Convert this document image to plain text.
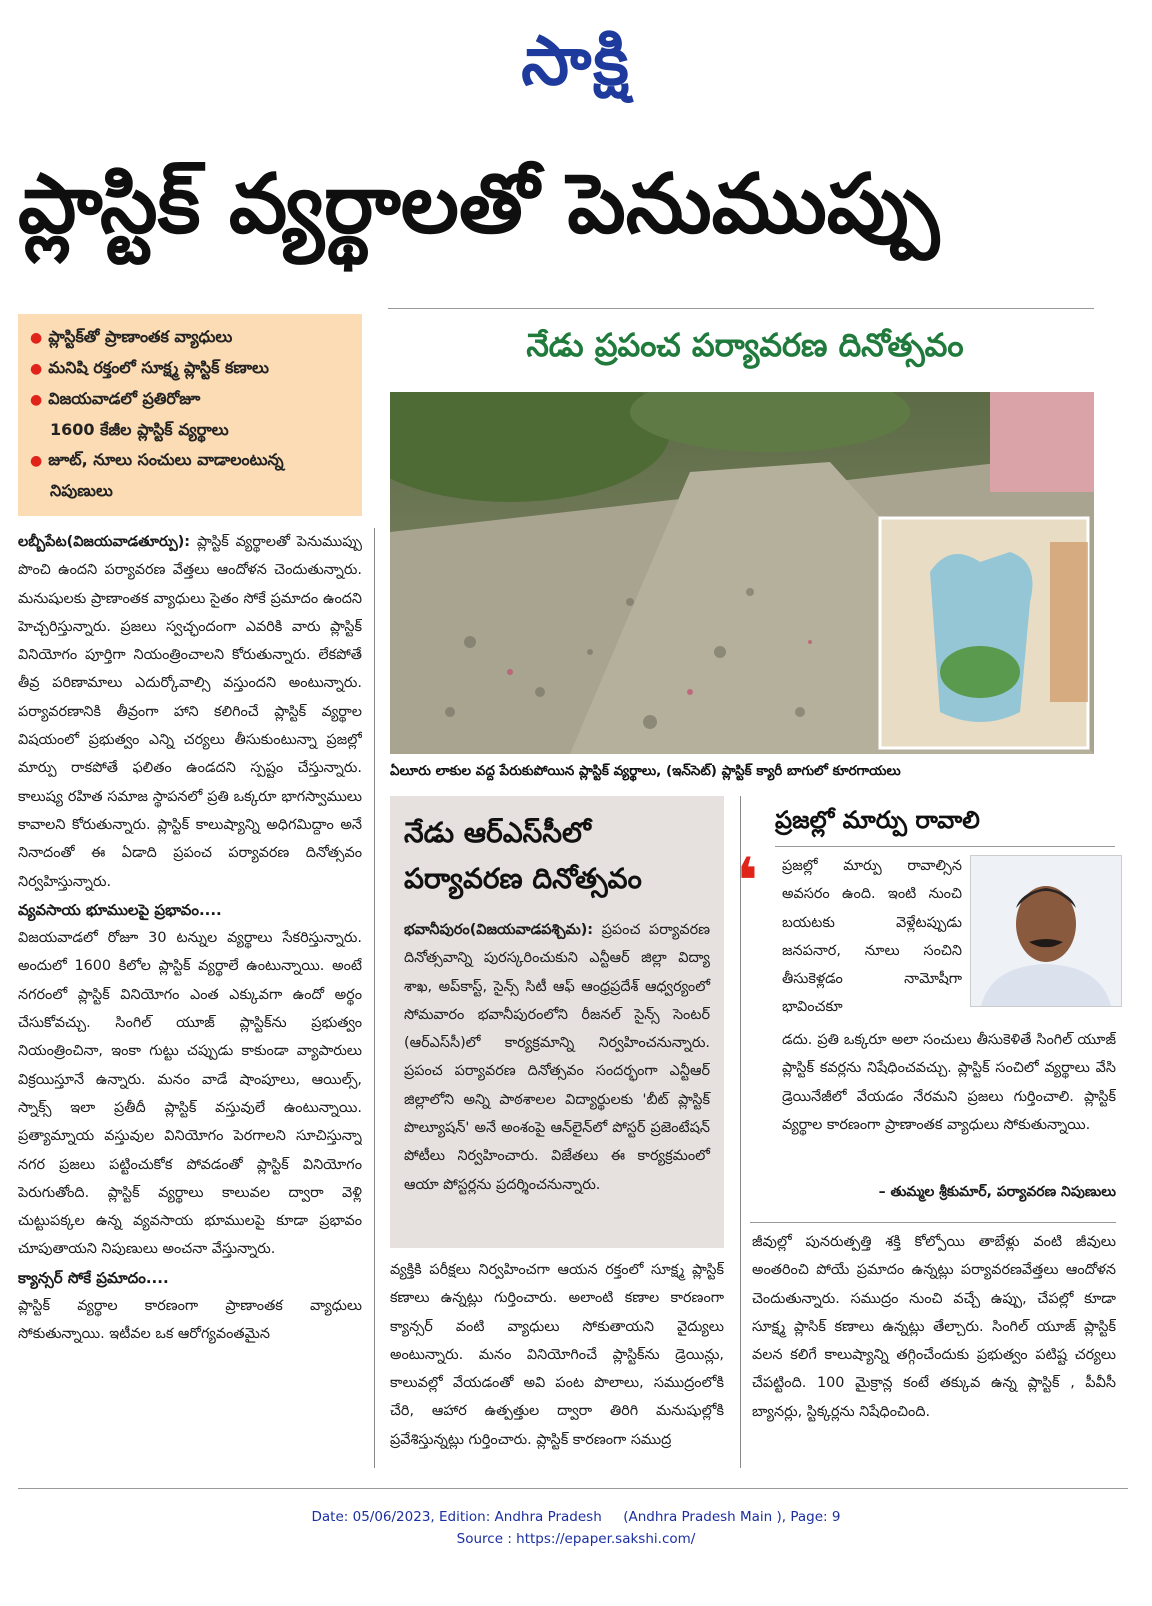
సాక్షి
ప్లాస్టిక్ వ్యర్థాలతో పెనుముప్పు
● ప్లాస్టిక్‌తో ప్రాణాంతక వ్యాధులు
● మనిషి రక్తంలో సూక్ష్మ ప్లాస్టిక్ కణాలు
● విజయవాడలో ప్రతిరోజూ
1600 కేజీల ప్లాస్టిక్ వ్యర్థాలు
● జూట్, నూలు సంచులు వాడాలంటున్న
నిపుణులు

లబ్బీపేట(విజయవాడతూర్పు): ప్లాస్టిక్ వ్యర్థాలతో పెనుముప్పు పొంచి ఉందని పర్యావరణ వేత్తలు ఆందోళన చెందుతున్నారు. మనుషులకు ప్రాణాంతక వ్యాధులు సైతం సోకే ప్రమాదం ఉందని హెచ్చరిస్తున్నారు. ప్రజలు స్వచ్ఛందంగా ఎవరికి వారు ప్లాస్టిక్ వినియోగం పూర్తిగా నియంత్రించాలని కోరుతున్నారు. లేకపోతే తీవ్ర పరిణామాలు ఎదుర్కోవాల్సి వస్తుందని అంటున్నారు. పర్యావరణానికి తీవ్రంగా హాని కలిగించే ప్లాస్టిక్ వ్యర్థాల విషయంలో ప్రభుత్వం ఎన్ని చర్యలు తీసుకుంటున్నా ప్రజల్లో మార్పు రాకపోతే ఫలితం ఉండదని స్పష్టం చేస్తున్నారు. కాలుష్య రహిత సమాజ స్థాపనలో ప్రతి ఒక్కరూ భాగస్వాములు కావాలని కోరుతున్నారు. ప్లాస్టిక్ కాలుష్యాన్ని అధిగమిద్దాం అనే నినాదంతో ఈ ఏడాది ప్రపంచ పర్యావరణ దినోత్సవం నిర్వహిస్తున్నారు.

వ్యవసాయ భూములపై ప్రభావం....

విజయవాడలో రోజూ 30 టన్నుల వ్యర్థాలు సేకరిస్తున్నారు. అందులో 1600 కిలోల ప్లాస్టిక్ వ్యర్థాలే ఉంటున్నాయి. అంటే నగరంలో ప్లాస్టిక్ వినియోగం ఎంత ఎక్కువగా ఉందో అర్థం చేసుకోవచ్చు. సింగిల్ యూజ్ ప్లాస్టిక్‌ను ప్రభుత్వం నియంత్రించినా, ఇంకా గుట్టు చప్పుడు కాకుండా వ్యాపారులు విక్రయిస్తూనే ఉన్నారు. మనం వాడే షాంపూలు, ఆయిల్స్, స్నాక్స్ ఇలా ప్రతీదీ ప్లాస్టిక్ వస్తువులే ఉంటున్నాయి. ప్రత్యామ్నాయ వస్తువుల వినియోగం పెరగాలని సూచిస్తున్నా నగర ప్రజలు పట్టించుకోక పోవడంతో ప్లాస్టిక్ వినియోగం పెరుగుతోంది. ప్లాస్టిక్ వ్యర్థాలు కాలువల ద్వారా వెళ్లి చుట్టుపక్కల ఉన్న వ్యవసాయ భూములపై కూడా ప్రభావం చూపుతాయని నిపుణులు అంచనా వేస్తున్నారు.

క్యాన్సర్ సోకే ప్రమాదం....

ప్లాస్టిక్ వ్యర్థాల కారణంగా ప్రాణాంతక వ్యాధులు సోకుతున్నాయి. ఇటీవల ఒక ఆరోగ్యవంతమైన

నేడు ప్రపంచ పర్యావరణ దినోత్సవం
ఏలూరు లాకుల వద్ద పేరుకుపోయిన ప్లాస్టిక్ వ్యర్థాలు, (ఇన్‌సెట్) ప్లాస్టిక్ క్యారీ బాగులో కూరగాయలు
నేడు ఆర్ఎస్‌సీలో
పర్యావరణ దినోత్సవం

భవానీపురం(విజయవాడపశ్చిమ): ప్రపంచ పర్యావరణ దినోత్సవాన్ని పురస్కరించుకుని ఎన్టీఆర్ జిల్లా విద్యా శాఖ, అప్‌కాస్ట్, సైన్స్ సిటీ ఆఫ్ ఆంధ్రప్రదేశ్ ఆధ్వర్యంలో సోమవారం భవానీపురంలోని రీజనల్ సైన్స్ సెంటర్ (ఆర్ఎస్‌సీ)లో కార్యక్రమాన్ని నిర్వహించనున్నారు. ప్రపంచ పర్యావరణ దినోత్సవం సందర్భంగా ఎన్టీఆర్ జిల్లాలోని అన్ని పాఠశాలల విద్యార్థులకు 'బీట్ ప్లాస్టిక్ పొల్యూషన్' అనే అంశంపై ఆన్‌లైన్‌లో పోస్టర్ ప్రజెంటేషన్ పోటీలు నిర్వహించారు. విజేతలు ఈ కార్యక్రమంలో ఆయా పోస్టర్లను ప్రదర్శించనున్నారు.

వ్యక్తికి పరీక్షలు నిర్వహించగా ఆయన రక్తంలో సూక్ష్మ ప్లాస్టిక్ కణాలు ఉన్నట్లు గుర్తించారు. అలాంటి కణాల కారణంగా క్యాన్సర్ వంటి వ్యాధులు సోకుతాయని వైద్యులు అంటున్నారు. మనం వినియోగించే ప్లాస్టిక్‌ను డ్రెయిన్లు, కాలువల్లో వేయడంతో అవి పంట పొలాలు, సముద్రంలోకి చేరి, ఆహార ఉత్పత్తుల ద్వారా తిరిగి మనుషుల్లోకి ప్రవేశిస్తున్నట్లు గుర్తించారు. ప్లాస్టిక్ కారణంగా సముద్ర

ప్రజల్లో మార్పు రావాలి
❛ ప్రజల్లో మార్పు రావాల్సిన అవసరం ఉంది. ఇంటి నుంచి బయటకు వెళ్లేటప్పుడు జనపనార, నూలు సంచిని తీసుకెళ్లడం నామోషీగా భావించకూ

డదు. ప్రతి ఒక్కరూ అలా సంచులు తీసుకెళితే సింగిల్ యూజ్ ప్లాస్టిక్ కవర్లను నిషేధించవచ్చు. ప్లాస్టిక్ సంచిలో వ్యర్థాలు వేసి డ్రెయినేజీలో వేయడం నేరమని ప్రజలు గుర్తించాలి. ప్లాస్టిక్ వ్యర్థాల కారణంగా ప్రాణాంతక వ్యాధులు సోకుతున్నాయి.

– తుమ్మల శ్రీకుమార్, పర్యావరణ నిపుణులు

జీవుల్లో పునరుత్పత్తి శక్తి కోల్పోయి తాబేళ్లు వంటి జీవులు అంతరించి పోయే ప్రమాదం ఉన్నట్లు పర్యావరణవేత్తలు ఆందోళన చెందుతున్నారు. సముద్రం నుంచి వచ్చే ఉప్పు, చేపల్లో కూడా సూక్ష్మ ప్లాసిక్ కణాలు ఉన్నట్లు తేల్చారు. సింగిల్ యూజ్ ప్లాస్టిక్ వలన కలిగే కాలుష్యాన్ని తగ్గించేందుకు ప్రభుత్వం పటిష్ట చర్యలు చేపట్టింది. 100 మైక్రాన్ల కంటే తక్కువ ఉన్న ప్లాస్టిక్ , పీవీసీ బ్యానర్లు, స్టిక్కర్లను నిషేధించింది.

Date: 05/06/2023, Edition: Andhra Pradesh     (Andhra Pradesh Main ), Page: 9
Source : https://epaper.sakshi.com/
